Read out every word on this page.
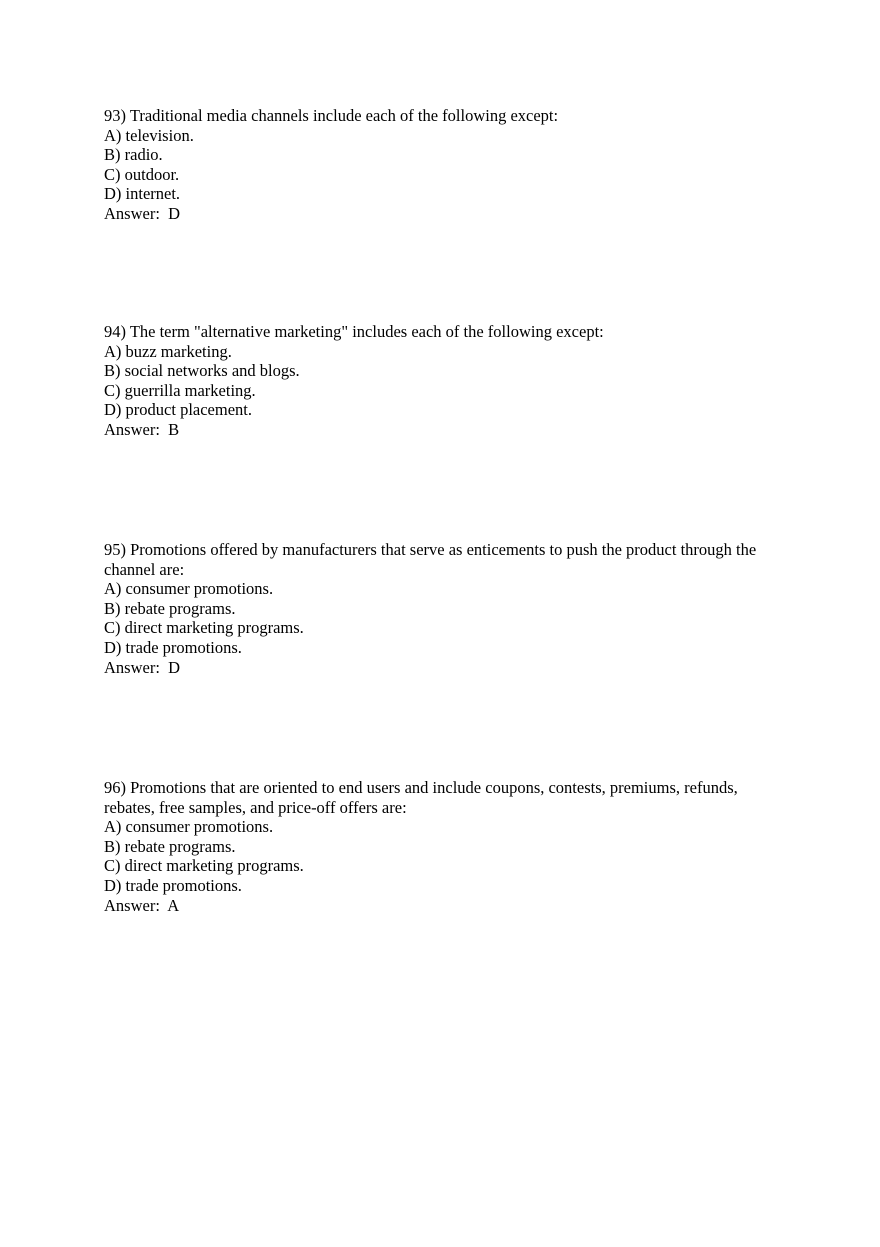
93) Traditional media channels include each of the following except:
A) television.
B) radio.
C) outdoor.
D) internet.
Answer:  D
94) The term "alternative marketing" includes each of the following except:
A) buzz marketing.
B) social networks and blogs.
C) guerrilla marketing.
D) product placement.
Answer:  B
95) Promotions offered by manufacturers that serve as enticements to push the product through the channel are:
A) consumer promotions.
B) rebate programs.
C) direct marketing programs.
D) trade promotions.
Answer:  D
96) Promotions that are oriented to end users and include coupons, contests, premiums, refunds, rebates, free samples, and price-off offers are:
A) consumer promotions.
B) rebate programs.
C) direct marketing programs.
D) trade promotions.
Answer:  A
